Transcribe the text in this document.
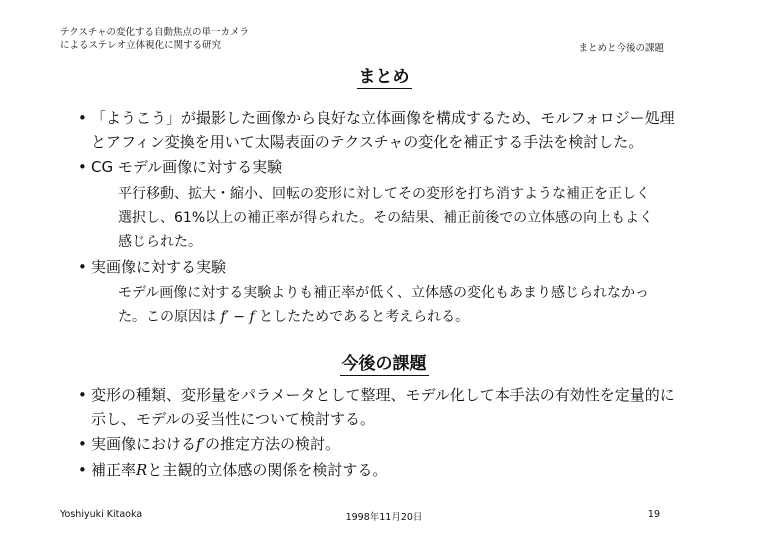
テクスチャの変化する自動焦点の単一カメラ
によるステレオ立体視化に関する研究	まとめと今後の課題
まとめ
• 「ようこう」が撮影した画像から良好な立体画像を構成するため、モルフォロジー処理とアフィン変換を用いて太陽表面のテクスチャの変化を補正する手法を検討した。
• CG モデル画像に対する実験
平行移動、拡大・縮小、回転の変形に対してその変形を打ち消すような補正を正しく選択し、61%以上の補正率が得られた。その結果、補正前後での立体感の向上もよく感じられた。
• 実画像に対する実験
モデル画像に対する実験よりも補正率が低く、立体感の変化もあまり感じられなかった。この原因は f′ − f としたためであると考えられる。
今後の課題
• 変形の種類、変形量をパラメータとして整理、モデル化して本手法の有効性を定量的に示し、モデルの妥当性について検討する。
• 実画像におけるf′の推定方法の検討。
• 補正率Rと主観的立体感の関係を検討する。
Yoshiyuki Kitaoka	1998年11月20日	19
